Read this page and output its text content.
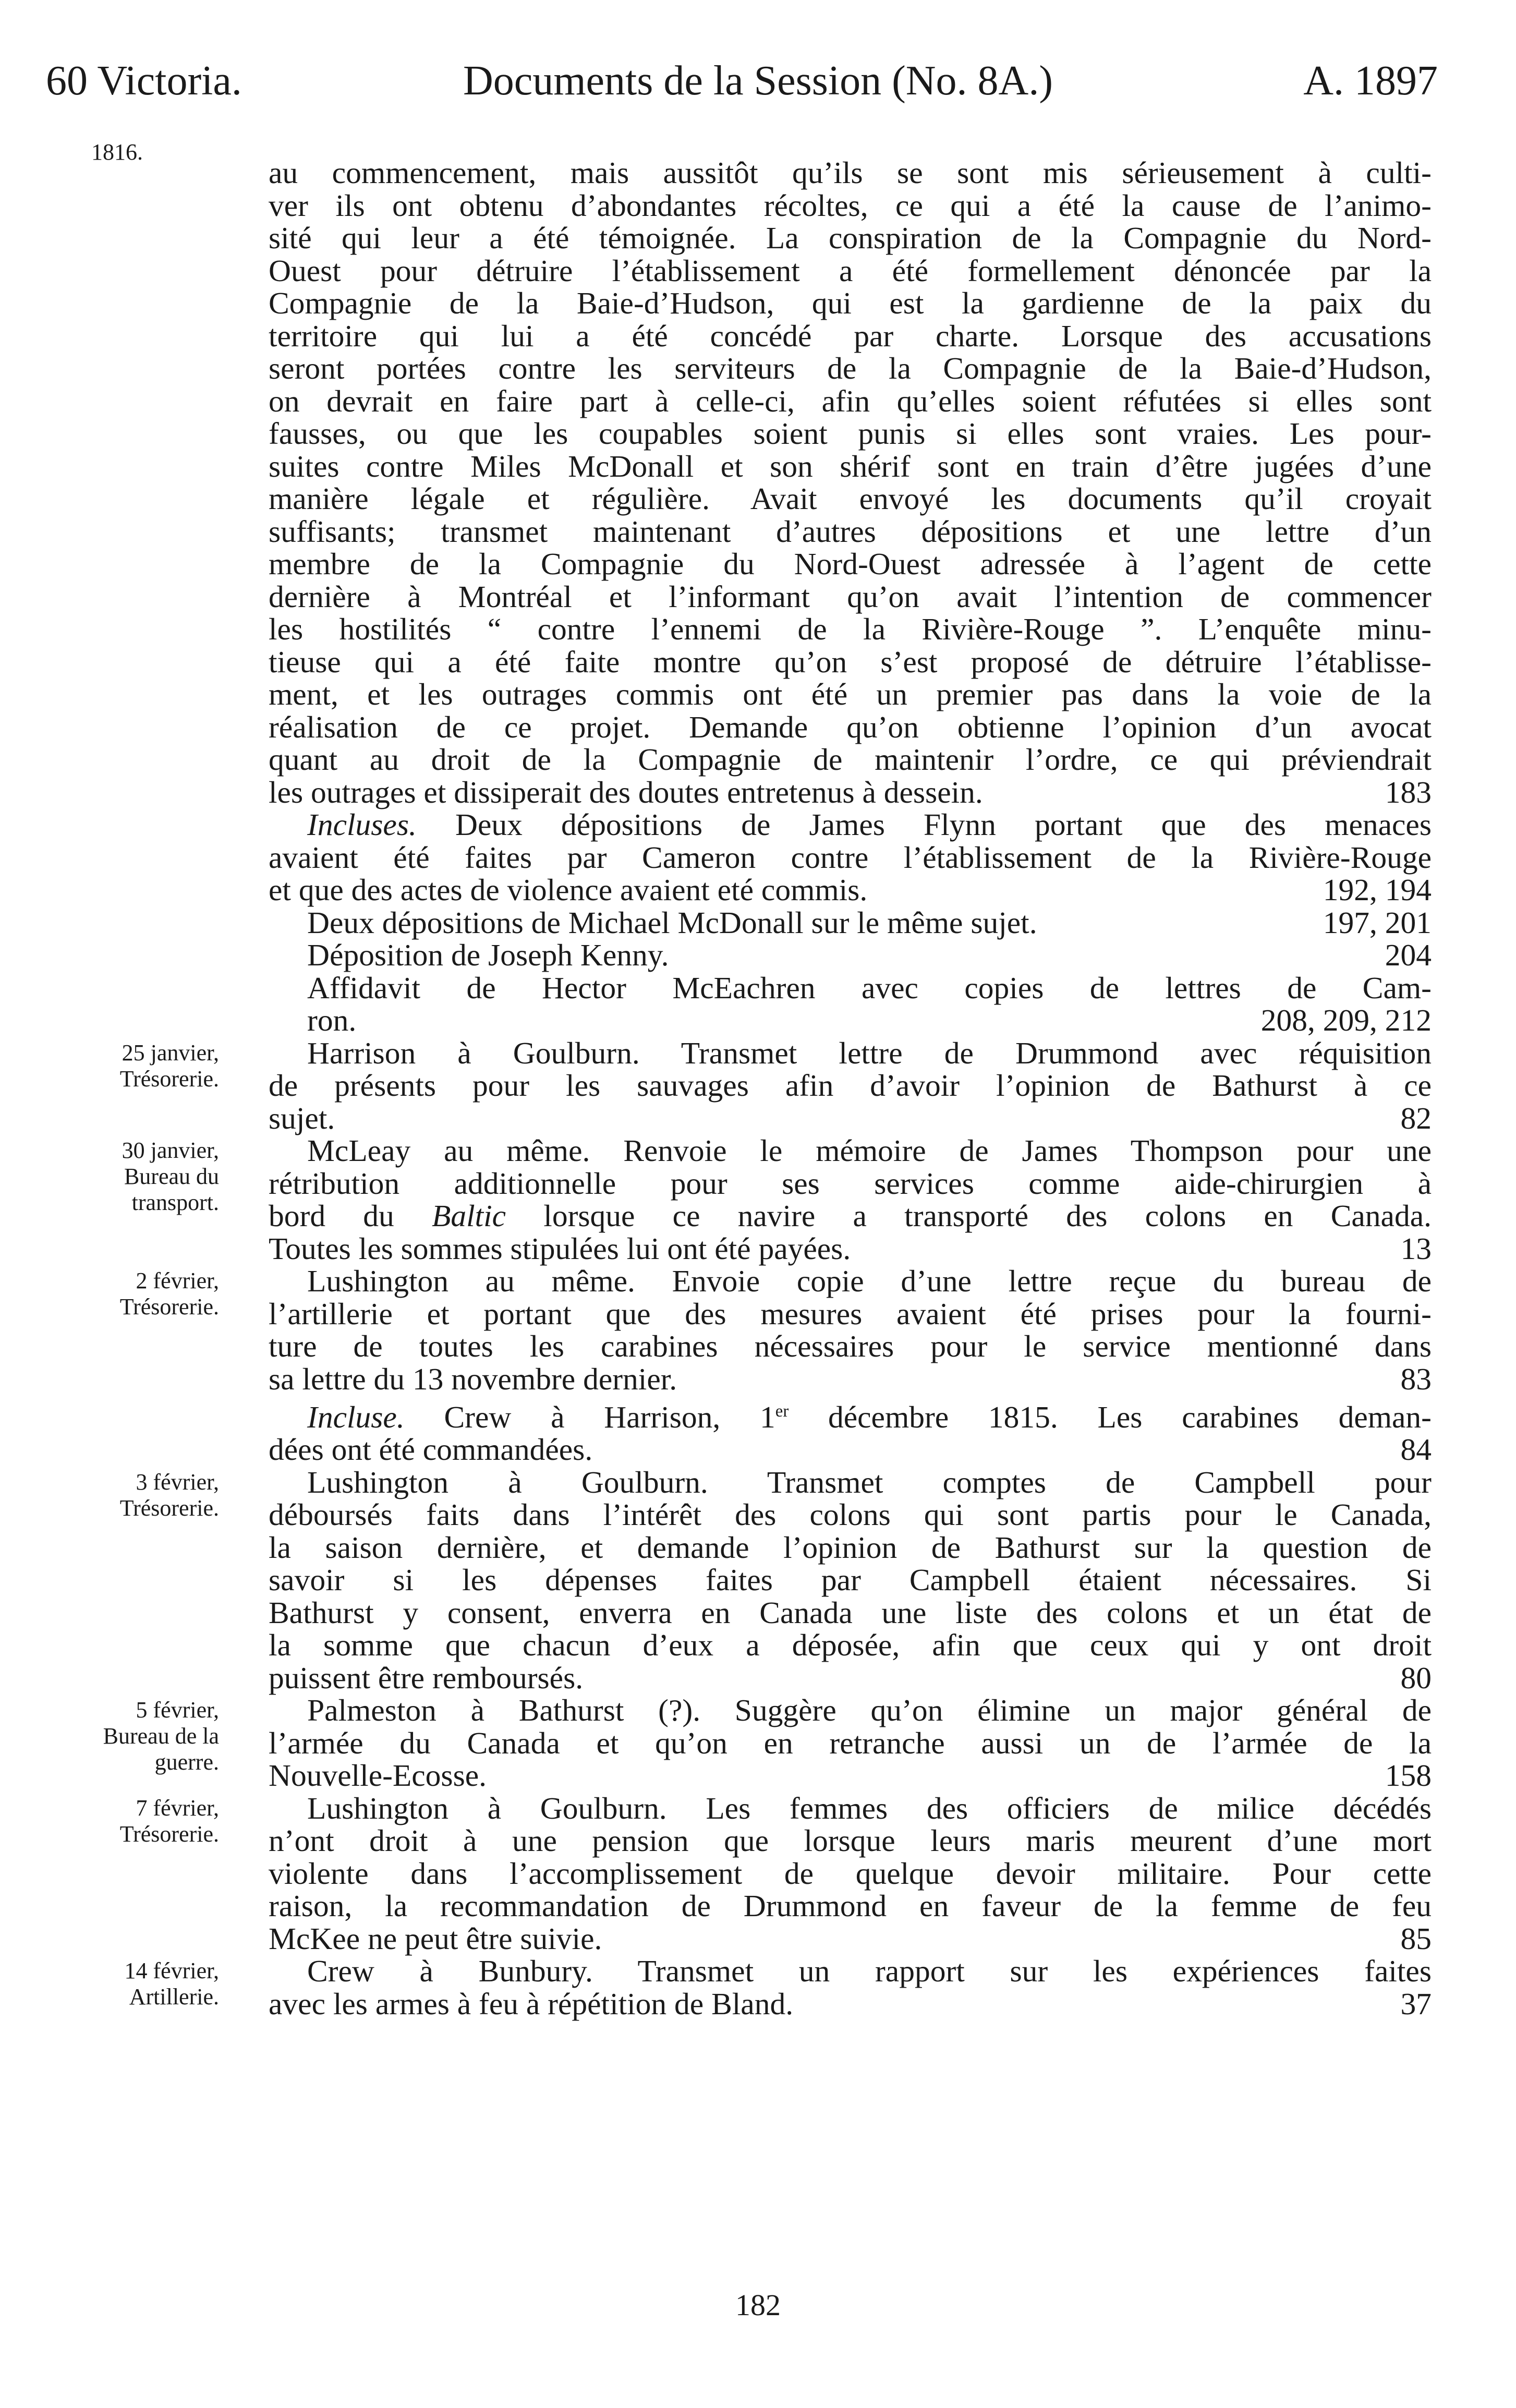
60 Victoria.	Documents de la Session (No. 8A.)	A. 1897
1816.
au commencement, mais aussitôt qu’ils se sont mis sérieusement à culti-
ver ils ont obtenu d’abondantes récoltes, ce qui a été la cause de l’animo-
sité qui leur a été témoignée. La conspiration de la Compagnie du Nord-
Ouest pour détruire l’établissement a été formellement dénoncée par la
Compagnie de la Baie-d’Hudson, qui est la gardienne de la paix du
territoire qui lui a été concédé par charte. Lorsque des accusations
seront portées contre les serviteurs de la Compagnie de la Baie-d’Hudson,
on devrait en faire part à celle-ci, afin qu’elles soient réfutées si elles sont
fausses, ou que les coupables soient punis si elles sont vraies. Les pour-
suites contre Miles McDonall et son shérif sont en train d’être jugées d’une
manière légale et régulière. Avait envoyé les documents qu’il croyait
suffisants; transmet maintenant d’autres dépositions et une lettre d’un
membre de la Compagnie du Nord-Ouest adressée à l’agent de cette
dernière à Montréal et l’informant qu’on avait l’intention de commencer
les hostilités “ contre l’ennemi de la Rivière-Rouge ”. L’enquête minu-
tieuse qui a été faite montre qu’on s’est proposé de détruire l’établisse-
ment, et les outrages commis ont été un premier pas dans la voie de la
réalisation de ce projet. Demande qu’on obtienne l’opinion d’un avocat
quant au droit de la Compagnie de maintenir l’ordre, ce qui préviendrait
les outrages et dissiperait des doutes entretenus à dessein.	183
Incluses. Deux dépositions de James Flynn portant que des menaces
avaient été faites par Cameron contre l’établissement de la Rivière-Rouge
et que des actes de violence avaient eté commis.	192, 194
Deux dépositions de Michael McDonall sur le même sujet.	197, 201
Déposition de Joseph Kenny.	204
Affidavit de Hector McEachren avec copies de lettres de Cam-
ron.	208, 209, 212
25 janvier,
Trésorerie.
Harrison à Goulburn. Transmet lettre de Drummond avec réquisition
de présents pour les sauvages afin d’avoir l’opinion de Bathurst à ce
sujet.	82
30 janvier,
Bureau du
transport.
McLeay au même. Renvoie le mémoire de James Thompson pour une
rétribution additionnelle pour ses services comme aide-chirurgien à
bord du Baltic lorsque ce navire a transporté des colons en Canada.
Toutes les sommes stipulées lui ont été payées.	13
2 février,
Trésorerie.
Lushington au même. Envoie copie d’une lettre reçue du bureau de
l’artillerie et portant que des mesures avaient été prises pour la fourni-
ture de toutes les carabines nécessaires pour le service mentionné dans
sa lettre du 13 novembre dernier.	83
Incluse. Crew à Harrison, 1er décembre 1815. Les carabines deman-
dées ont été commandées.	84
3 février,
Trésorerie.
Lushington à Goulburn. Transmet comptes de Campbell pour
déboursés faits dans l’intérêt des colons qui sont partis pour le Canada,
la saison dernière, et demande l’opinion de Bathurst sur la question de
savoir si les dépenses faites par Campbell étaient nécessaires. Si
Bathurst y consent, enverra en Canada une liste des colons et un état de
la somme que chacun d’eux a déposée, afin que ceux qui y ont droit
puissent être remboursés.	80
5 février,
Bureau de la
guerre.
Palmeston à Bathurst (?). Suggère qu’on élimine un major général de
l’armée du Canada et qu’on en retranche aussi un de l’armée de la
Nouvelle-Ecosse.	158
7 février,
Trésorerie.
Lushington à Goulburn. Les femmes des officiers de milice décédés
n’ont droit à une pension que lorsque leurs maris meurent d’une mort
violente dans l’accomplissement de quelque devoir militaire. Pour cette
raison, la recommandation de Drummond en faveur de la femme de feu
McKee ne peut être suivie.	85
14 février,
Artillerie.
Crew à Bunbury. Transmet un rapport sur les expériences faites
avec les armes à feu à répétition de Bland.	37
182
